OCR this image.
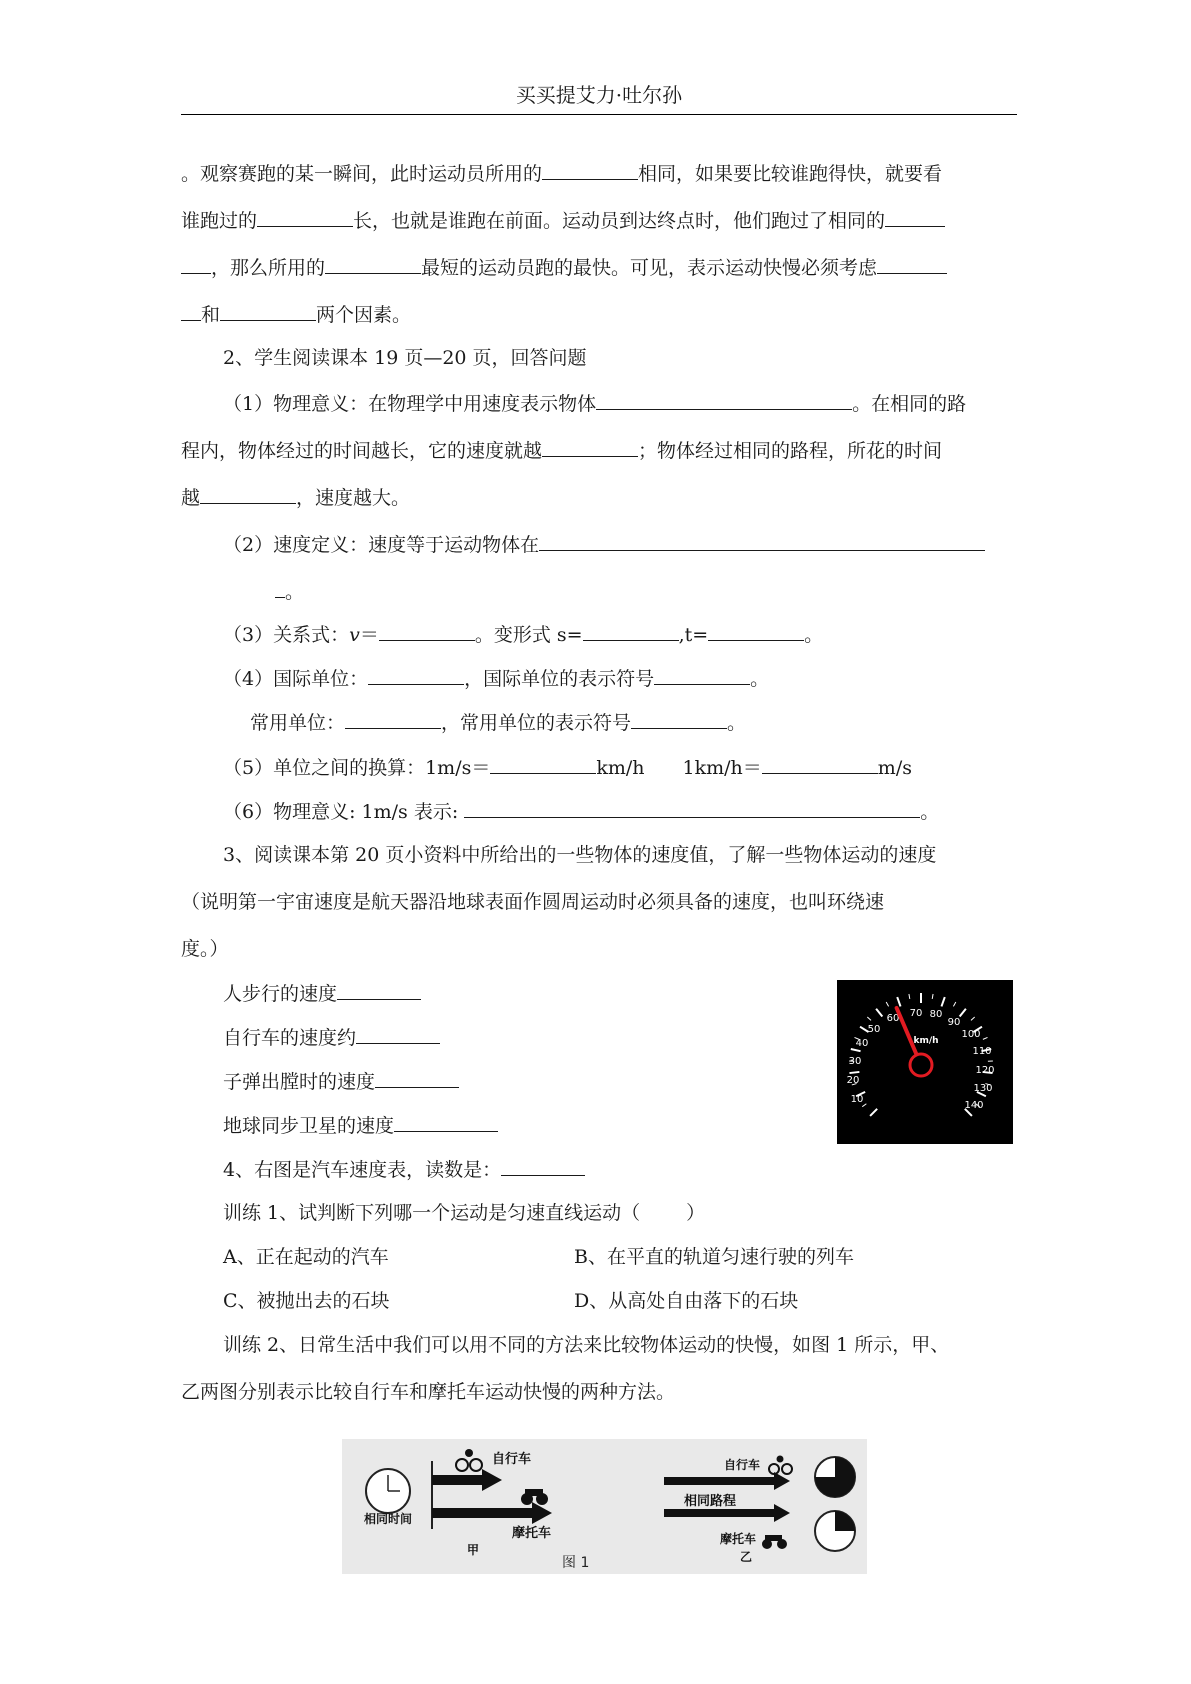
买买提艾力·吐尔孙
。观察赛跑的某一瞬间，此时运动员所用的	相同，如果要比较谁跑得快，就要看
谁跑过的	长，也就是谁跑在前面。运动员到达终点时，他们跑过了相同的
，那么所用的	最短的运动员跑的最快。可见，表示运动快慢必须考虑
和	两个因素。
2、学生阅读课本 19 页—20 页，回答问题
（1）物理意义：在物理学中用速度表示物体	。在相同的路
程内，物体经过的时间越长，它的速度就越	；物体经过相同的路程，所花的时间
越	，速度越大。
（2）速度定义：速度等于运动物体在
。
（3）关系式：v＝	。变形式 s=	,t=	。
（4）国际单位：	，国际单位的表示符号	。
常用单位：	，常用单位的表示符号	。
（5）单位之间的换算：1m/s＝	km/h 1km/h＝	m/s
（6）物理意义: 1m/s 表示:	。
3、阅读课本第 20 页小资料中所给出的一些物体的速度值，了解一些物体运动的速度
（说明第一宇宙速度是航天器沿地球表面作圆周运动时必须具备的速度，也叫环绕速
度。）
人步行的速度
自行车的速度约
子弹出膛时的速度
地球同步卫星的速度
10
20
30
40
50
60 70 80
90
100
110
120
130
140
km/h
4、右图是汽车速度表，读数是：
训练 1、试判断下列哪一个运动是匀速直线运动（ ）
A、正在起动的汽车	B、在平直的轨道匀速行驶的列车
C、被抛出去的石块	D、从高处自由落下的石块
训练 2、日常生活中我们可以用不同的方法来比较物体运动的快慢，如图 1 所示，甲、
乙两图分别表示比较自行车和摩托车运动快慢的两种方法。
自行车
摩托车
相同时间
甲
相同路程
自行车
摩托车
乙
图 1
